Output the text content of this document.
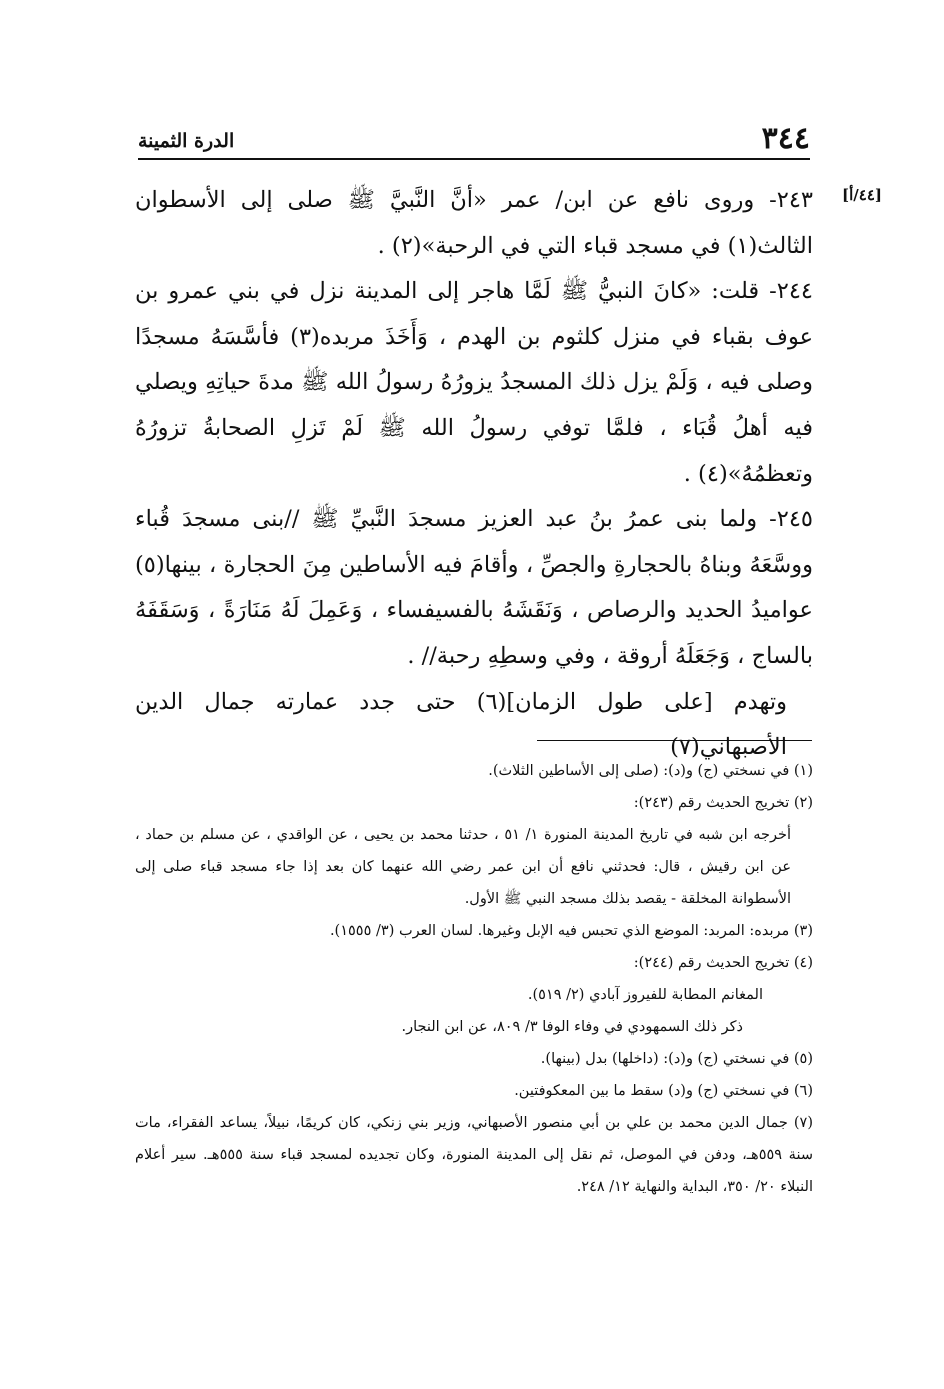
الدرة الثمينة	٣٤٤
[٤٤/أ]

٢٤٣- وروى نافع عن ابن/ عمر «أنَّ النَّبيَّ ﷺ صلى إلى الأسطوان الثالث(١) في مسجد قباء التي في الرحبة»(٢) .

٢٤٤- قلت: «كانَ النبيُّ ﷺ لَمَّا هاجر إلى المدينة نزل في بني عمرو بن عوف بقباء في منزل كلثوم بن الهدم ، وَأَخَذَ مربده(٣) فأسَّسَهُ مسجدًا وصلى فيه ، وَلَمْ يزل ذلك المسجدُ يزورُهُ رسولُ الله ﷺ مدةَ حياتِهِ ويصلي فيه أهلُ قُبَاء ، فلمَّا توفي رسولُ الله ﷺ لَمْ تَزلِ الصحابةُ تزورُهُ وتعظمُهُ»(٤) .

٢٤٥- ولما بنى عمرُ بنُ عبد العزيز مسجدَ النَّبيِّ ﷺ //بنى مسجدَ قُباء ووسَّعَهُ وبناهُ بالحجارةِ والجصِّ ، وأقامَ فيه الأساطين مِنَ الحجارة ، بينها(٥) عواميدُ الحديد والرصاص ، وَنَقَشَهُ بالفسيفساء ، وَعَمِلَ لَهُ مَنَارَةً ، وَسَقَفَهُ بالساج ، وَجَعَلَهُ أروقة ، وفي وسطِهِ رحبة// .

وتهدم [على طول الزمان](٦) حتى جدد عمارته جمال الدين الأصبهاني(٧)

(١) في نسختي (ج) و(د): (صلى إلى الأساطين الثلاث).

(٢) تخريج الحديث رقم (٢٤٣):

أخرجه ابن شبه في تاريخ المدينة المنورة ١/ ٥١ ، حدثنا محمد بن يحيى ، عن الواقدي ، عن مسلم بن حماد ، عن ابن رقيش ، قال: فحدثني نافع أن ابن عمر رضي الله عنهما كان بعد إذا جاء مسجد قباء صلى إلى الأسطوانة المخلقة - يقصد بذلك مسجد النبي ﷺ الأول.

(٣) مربده: المربد: الموضع الذي تحبس فيه الإبل وغيرها. لسان العرب (٣/ ١٥٥٥).

(٤) تخريج الحديث رقم (٢٤٤):

المغانم المطابة للفيروز آبادي (٢/ ٥١٩).

ذكر ذلك السمهودي في وفاء الوفا ٣/ ٨٠٩، عن ابن النجار.

(٥) في نسختي (ج) و(د): (داخلها) بدل (بينها).

(٦) في نسختي (ج) و(د) سقط ما بين المعكوفتين.

(٧) جمال الدين محمد بن علي بن أبي منصور الأصبهاني، وزير بني زنكي، كان كريمًا، نبيلاً، يساعد الفقراء، مات سنة ٥٥٩هـ، ودفن في الموصل، ثم نقل إلى المدينة المنورة، وكان تجديده لمسجد قباء سنة ٥٥٥هـ. سير أعلام النبلاء ٢٠/ ٣٥٠، البداية والنهاية ١٢/ ٢٤٨.
